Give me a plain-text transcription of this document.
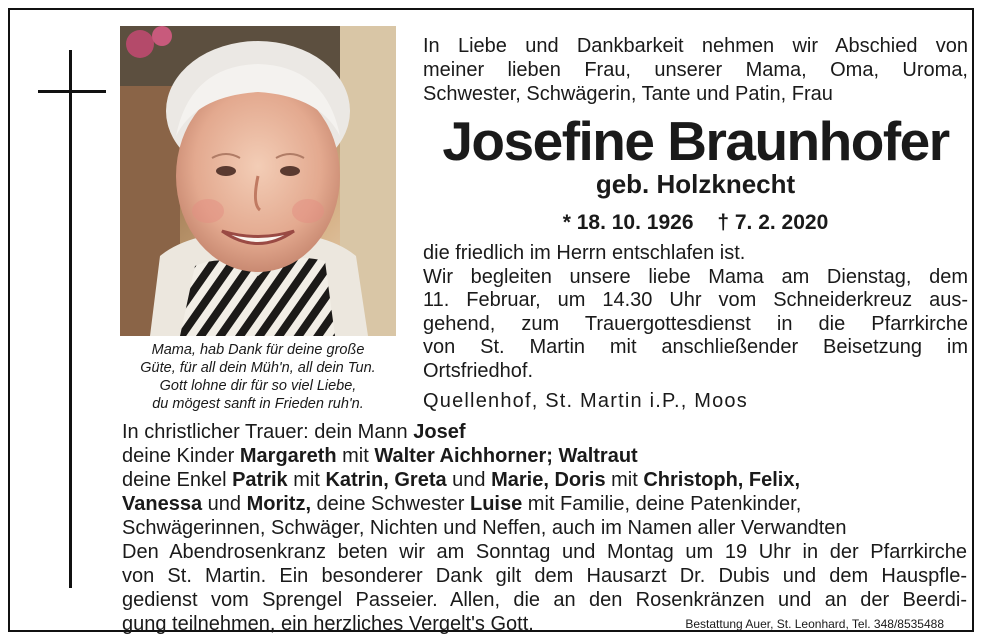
Mama, hab Dank für deine große
Güte, für all dein Müh'n, all dein Tun.
Gott lohne dir für so viel Liebe,
du mögest sanft in Frieden ruh'n.
In Liebe und Dankbarkeit nehmen wir Abschied von
meiner lieben Frau, unserer Mama, Oma, Uroma,
Schwester, Schwägerin, Tante und Patin, Frau
Josefine Braunhofer
geb. Holzknecht
* 18. 10. 1926 † 7. 2. 2020
die friedlich im Herrn entschlafen ist.
Wir begleiten unsere liebe Mama am Dienstag, dem
11. Februar, um 14.30 Uhr vom Schneiderkreuz aus-
gehend, zum Trauergottesdienst in die Pfarrkirche
von St. Martin mit anschließender Beisetzung im
Ortsfriedhof.
Quellenhof, St. Martin i.P., Moos
In christlicher Trauer: dein Mann Josef
deine Kinder Margareth mit Walter Aichhorner; Waltraut
deine Enkel Patrik mit Katrin, Greta und Marie, Doris mit Christoph, Felix,
Vanessa und Moritz, deine Schwester Luise mit Familie, deine Patenkinder,
Schwägerinnen, Schwäger, Nichten und Neffen, auch im Namen aller Verwandten
Den Abendrosenkranz beten wir am Sonntag und Montag um 19 Uhr in der Pfarrkirche
von St. Martin. Ein besonderer Dank gilt dem Hausarzt Dr. Dubis und dem Hauspfle-
gedienst vom Sprengel Passeier. Allen, die an den Rosenkränzen und an der Beerdi-
gung teilnehmen, ein herzliches Vergelt's Gott.	Bestattung Auer, St. Leonhard, Tel. 348/8535488
